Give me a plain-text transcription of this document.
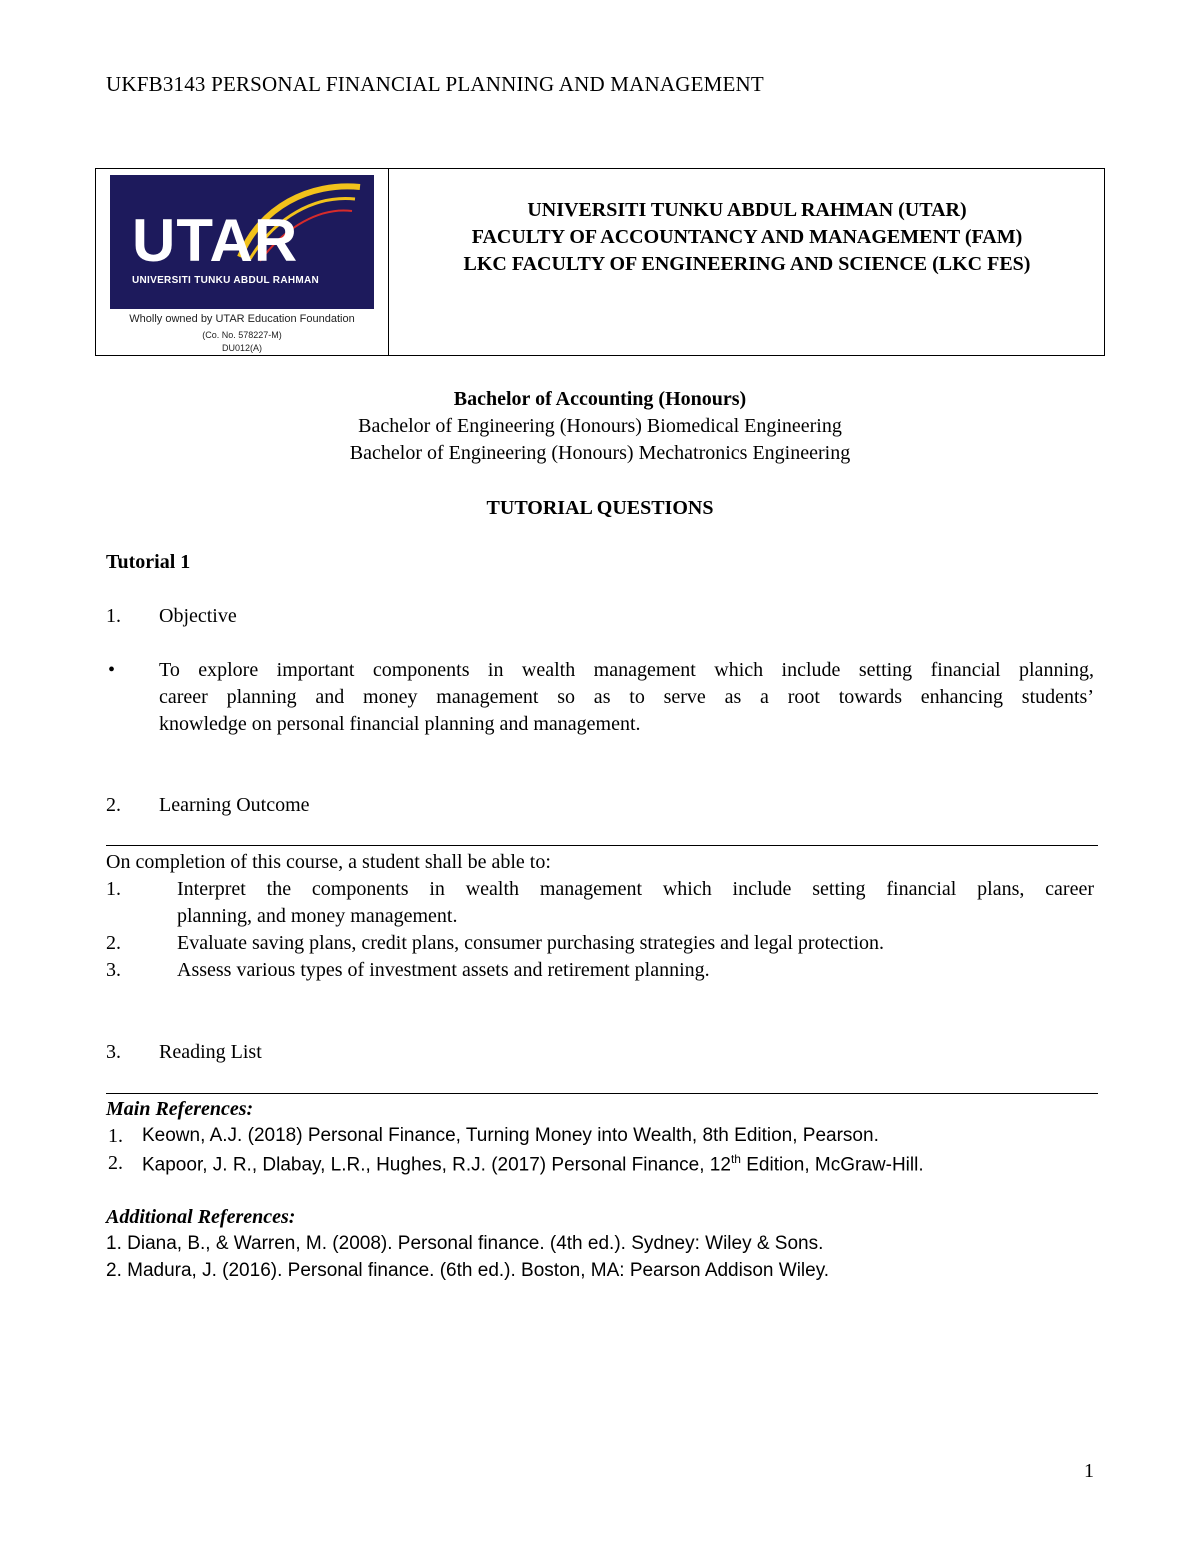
UKFB3143 PERSONAL FINANCIAL PLANNING AND MANAGEMENT
UTAR
UNIVERSITI TUNKU ABDUL RAHMAN
Wholly owned by UTAR Education Foundation
(Co. No. 578227-M)
DU012(A)
UNIVERSITI TUNKU ABDUL RAHMAN (UTAR)
FACULTY OF ACCOUNTANCY AND MANAGEMENT (FAM)
LKC FACULTY OF ENGINEERING AND SCIENCE (LKC FES)
Bachelor of Accounting (Honours)
Bachelor of Engineering (Honours) Biomedical Engineering
Bachelor of Engineering (Honours) Mechatronics Engineering
TUTORIAL QUESTIONS
Tutorial 1
1. Objective
• To explore important components in wealth management which include setting financial planning,
career planning and money management so as to serve as a root towards enhancing students’
knowledge on personal financial planning and management.
2. Learning Outcome
On completion of this course, a student shall be able to:
1.	Interpret the components in wealth management which include setting financial plans, career
planning, and money management.
2.	Evaluate saving plans, credit plans, consumer purchasing strategies and legal protection.
3.	Assess various types of investment assets and retirement planning.
3. Reading List
Main References:
1. Keown, A.J. (2018) Personal Finance, Turning Money into Wealth, 8th Edition, Pearson.
2. Kapoor, J. R., Dlabay, L.R., Hughes, R.J. (2017) Personal Finance, 12th Edition, McGraw-Hill.
Additional References:
1. Diana, B., & Warren, M. (2008). Personal finance. (4th ed.). Sydney: Wiley & Sons.
2. Madura, J. (2016). Personal finance. (6th ed.). Boston, MA: Pearson Addison Wiley.
1
